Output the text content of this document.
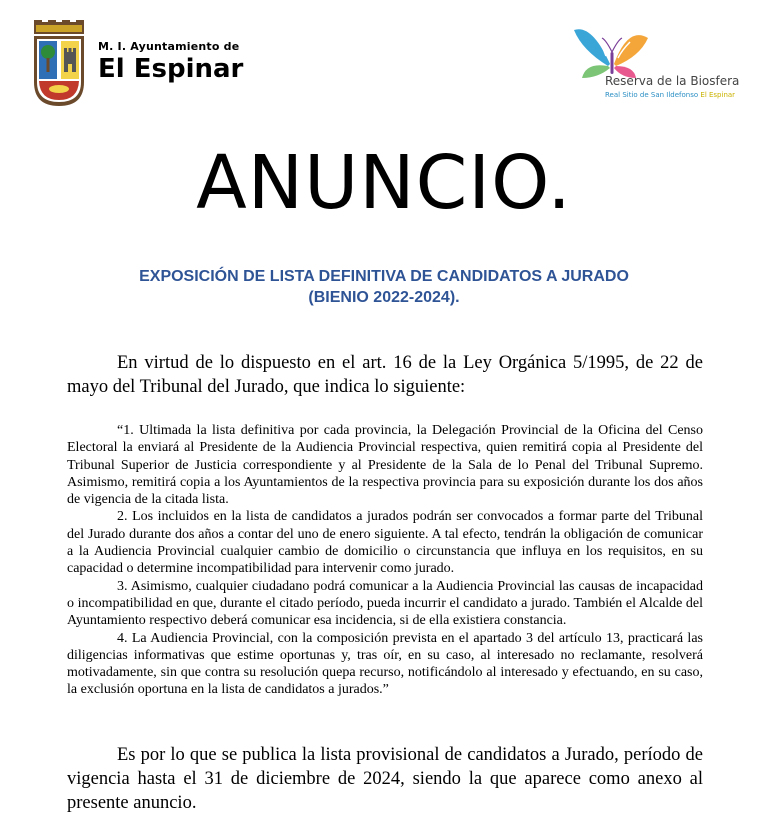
M. I. Ayuntamiento de
El Espinar	Reserva de la Biosfera
Real Sitio de San Ildefonso El Espinar
ANUNCIO.
EXPOSICIÓN DE LISTA DEFINITIVA DE CANDIDATOS A JURADO
(BIENIO 2022-2024).

En virtud de lo dispuesto en el art. 16 de la Ley Orgánica 5/1995, de 22 de mayo del Tribunal del Jurado, que indica lo siguiente:

“1. Ultimada la lista definitiva por cada provincia, la Delegación Provincial de la Oficina del Censo Electoral la enviará al Presidente de la Audiencia Provincial respectiva, quien remitirá copia al Presidente del Tribunal Superior de Justicia correspondiente y al Presidente de la Sala de lo Penal del Tribunal Supremo. Asimismo, remitirá copia a los Ayuntamientos de la respectiva provincia para su exposición durante los dos años de vigencia de la citada lista.

2. Los incluidos en la lista de candidatos a jurados podrán ser convocados a formar parte del Tribunal del Jurado durante dos años a contar del uno de enero siguiente. A tal efecto, tendrán la obligación de comunicar a la Audiencia Provincial cualquier cambio de domicilio o circunstancia que influya en los requisitos, en su capacidad o determine incompatibilidad para intervenir como jurado.

3. Asimismo, cualquier ciudadano podrá comunicar a la Audiencia Provincial las causas de incapacidad o incompatibilidad en que, durante el citado período, pueda incurrir el candidato a jurado. También el Alcalde del Ayuntamiento respectivo deberá comunicar esa incidencia, si de ella existiera constancia.

4. La Audiencia Provincial, con la composición prevista en el apartado 3 del artículo 13, practicará las diligencias informativas que estime oportunas y, tras oír, en su caso, al interesado no reclamante, resolverá motivadamente, sin que contra su resolución quepa recurso, notificándolo al interesado y efectuando, en su caso, la exclusión oportuna en la lista de candidatos a jurados.”

Es por lo que se publica la lista provisional de candidatos a Jurado, período de vigencia hasta el 31 de diciembre de 2024, siendo la que aparece como anexo al presente anuncio.
